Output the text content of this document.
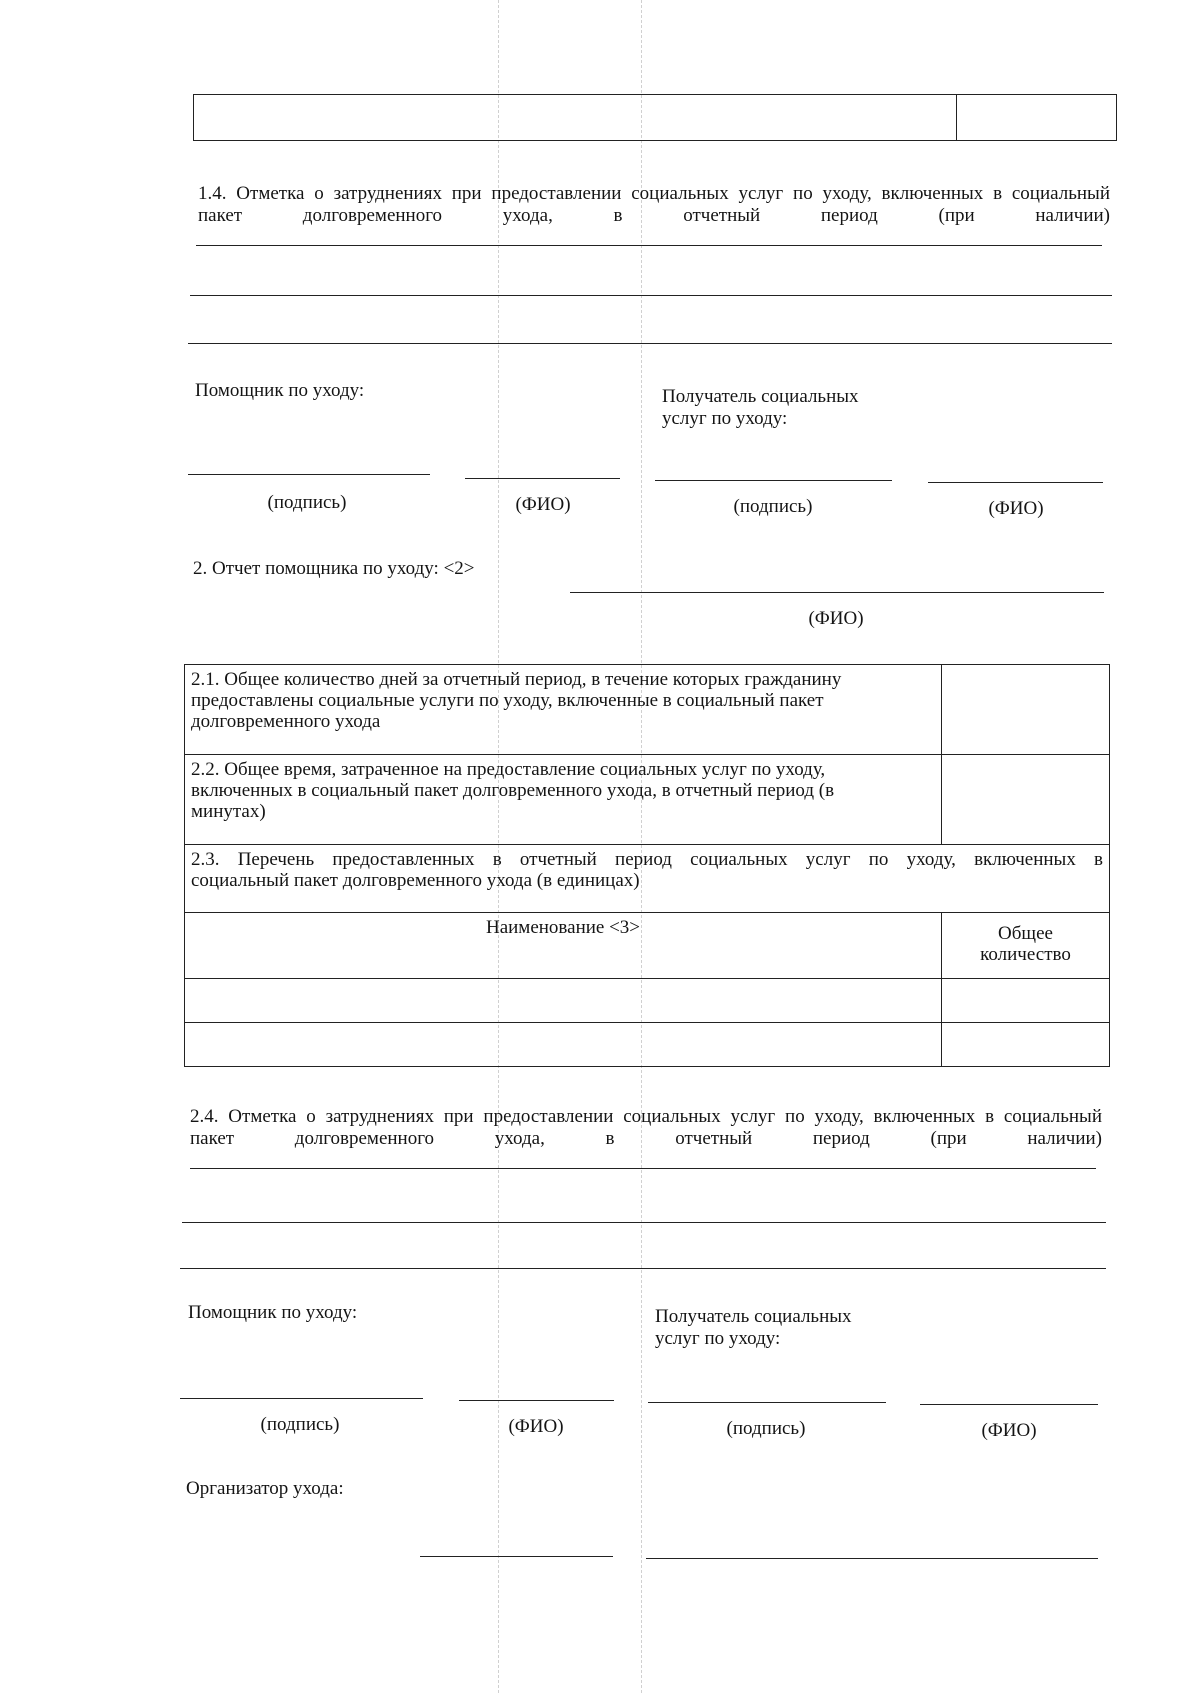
1.4. Отметка о затруднениях при предоставлении социальных услуг по уходу, включенных в социальный

пакет долговременного ухода, в отчетный период (при наличии)

Помощник по уходу:	Получатель социальных
услуг по уходу:
(подпись)	(ФИО)	(подпись)	(ФИО)
2. Отчет помощника по уходу: <2>
(ФИО)
2.1. Общее количество дней за отчетный период, в течение которых гражданину
предоставлены социальные услуги по уходу, включенные в социальный пакет
долговременного ухода	

2.2. Общее время, затраченное на предоставление социальных услуг по уходу,
включенных в социальный пакет долговременного ухода, в отчетный период (в
минутах)	

2.3. Перечень предоставленных в отчетный период социальных услуг по уходу, включенных в
социальный пакет долговременного ухода (в единицах)	

Наименование <3>	Общее
количество

2.4. Отметка о затруднениях при предоставлении социальных услуг по уходу, включенных в социальный

пакет долговременного ухода, в отчетный период (при наличии)

Помощник по уходу:	Получатель социальных
услуг по уходу:
(подпись)	(ФИО)	(подпись)	(ФИО)
Организатор ухода:
